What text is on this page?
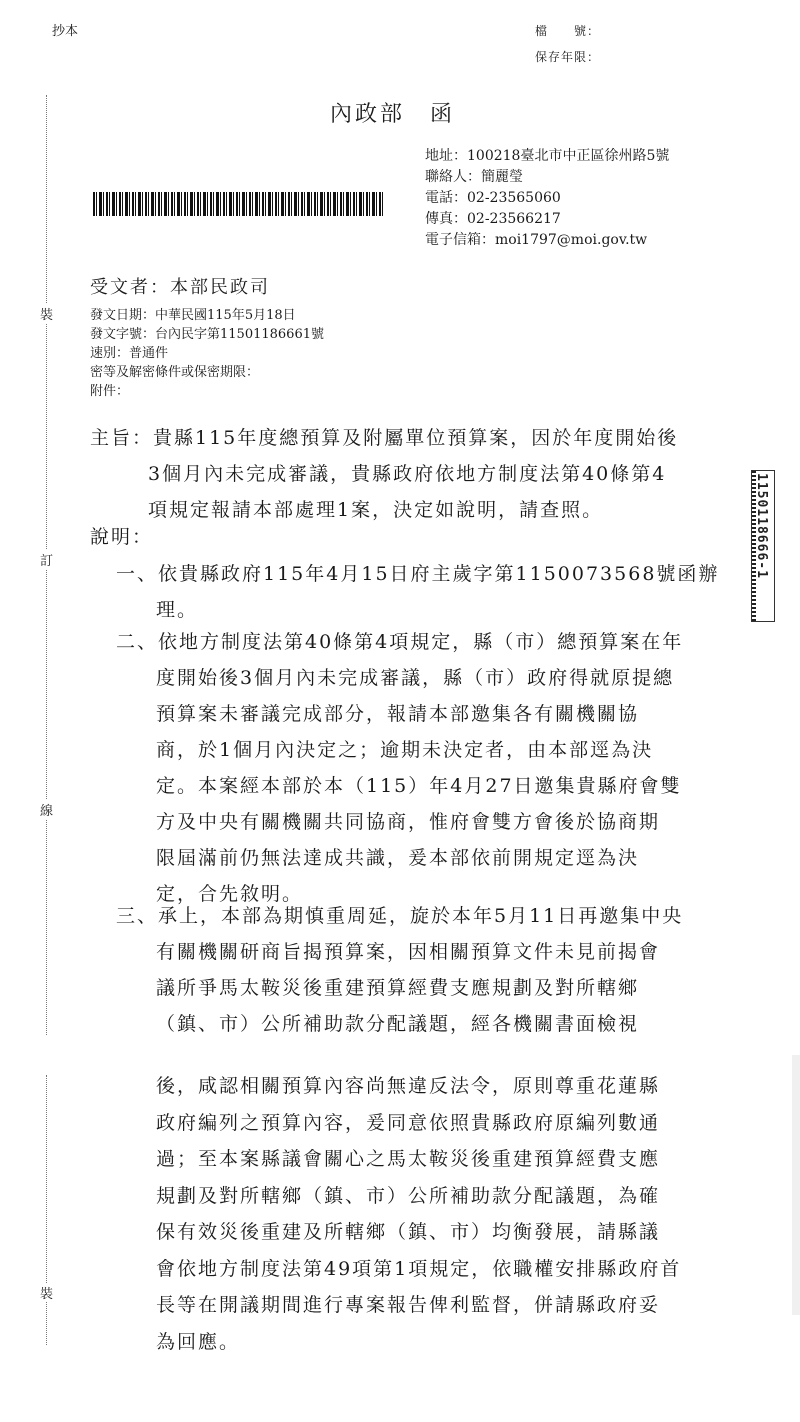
抄本	檔　　號：
保存年限：
裝
訂
線
裝
內政部　函
地址：100218臺北市中正區徐州路5號
聯絡人：簡麗瑩
電話：02-23565060
傳真：02-23566217
電子信箱：moi1797@moi.gov.tw
受文者：本部民政司
發文日期：中華民國115年5月18日
發文字號：台內民字第11501186661號
速別：普通件
密等及解密條件或保密期限：
附件：
主旨：貴縣115年度總預算及附屬單位預算案，因於年度開始後
3個月內未完成審議，貴縣政府依地方制度法第40條第4
項規定報請本部處理1案，決定如說明，請查照。
說明：
一、依貴縣政府115年4月15日府主歲字第1150073568號函辦
理。
二、依地方制度法第40條第4項規定，縣（市）總預算案在年
度開始後3個月內未完成審議，縣（市）政府得就原提總
預算案未審議完成部分，報請本部邀集各有關機關協
商，於1個月內決定之；逾期未決定者，由本部逕為決
定。本案經本部於本（115）年4月27日邀集貴縣府會雙
方及中央有關機關共同協商，惟府會雙方會後於協商期
限屆滿前仍無法達成共識，爰本部依前開規定逕為決
定，合先敘明。
三、承上，本部為期慎重周延，旋於本年5月11日再邀集中央
有關機關研商旨揭預算案，因相關預算文件未見前揭會
議所爭馬太鞍災後重建預算經費支應規劃及對所轄鄉
（鎮、市）公所補助款分配議題，經各機關書面檢視
後，咸認相關預算內容尚無違反法令，原則尊重花蓮縣
政府編列之預算內容，爰同意依照貴縣政府原編列數通
過；至本案縣議會關心之馬太鞍災後重建預算經費支應
規劃及對所轄鄉（鎮、市）公所補助款分配議題，為確
保有效災後重建及所轄鄉（鎮、市）均衡發展，請縣議
會依地方制度法第49項第1項規定，依職權安排縣政府首
長等在開議期間進行專案報告俾利監督，併請縣政府妥
為回應。
1150118666-1
